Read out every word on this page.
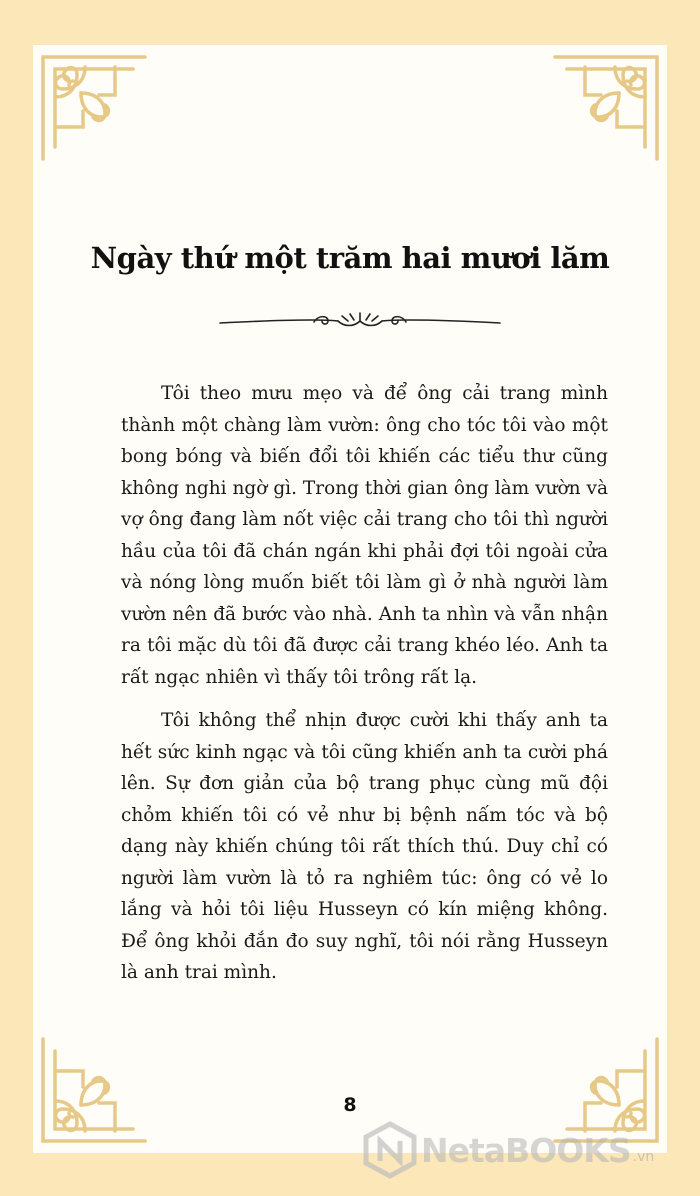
Ngày thứ một trăm hai mươi lăm

Tôi theo mưu mẹo và để ông cải trang mình thành một chàng làm vườn: ông cho tóc tôi vào một bong bóng và biến đổi tôi khiến các tiểu thư cũng không nghi ngờ gì. Trong thời gian ông làm vườn và vợ ông đang làm nốt việc cải trang cho tôi thì người hầu của tôi đã chán ngán khi phải đợi tôi ngoài cửa và nóng lòng muốn biết tôi làm gì ở nhà người làm vườn nên đã bước vào nhà. Anh ta nhìn và vẫn nhận ra tôi mặc dù tôi đã được cải trang khéo léo. Anh ta rất ngạc nhiên vì thấy tôi trông rất lạ.

Tôi không thể nhịn được cười khi thấy anh ta hết sức kinh ngạc và tôi cũng khiến anh ta cười phá lên. Sự đơn giản của bộ trang phục cùng mũ đội chỏm khiến tôi có vẻ như bị bệnh nấm tóc và bộ dạng này khiến chúng tôi rất thích thú. Duy chỉ có người làm vườn là tỏ ra nghiêm túc: ông có vẻ lo lắng và hỏi tôi liệu Husseyn có kín miệng không. Để ông khỏi đắn đo suy nghĩ, tôi nói rằng Husseyn là anh trai mình.

8
NetaBOOKS .vn
